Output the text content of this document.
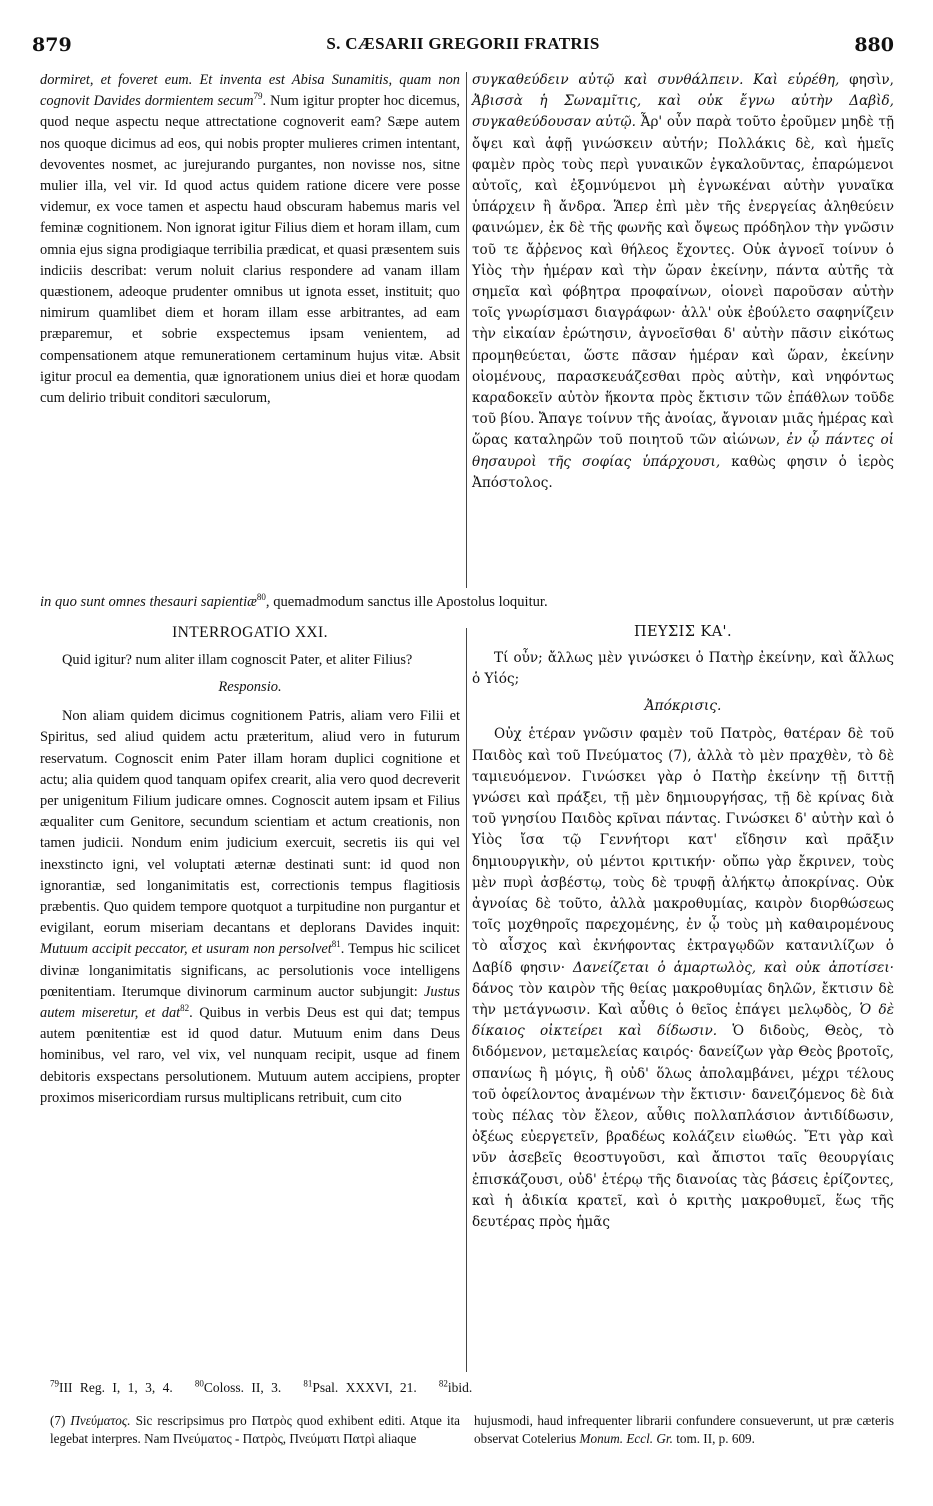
879	S. CÆSARII GREGORII FRATRIS	880

dormiret, et foveret eum. Et inventa est Abisa Sunamitis, quam non cognovit Davides dormientem secum$^{79}$. Num igitur propter hoc dicemus, quod neque aspectu neque attrectatione cognoverit eam? Sæpe autem nos quoque dicimus ad eos, qui nobis propter mulieres crimen intentant, devoventes nosmet, ac jurejurando purgantes, non novisse nos, sitne mulier illa, vel vir. Id quod actus quidem ratione dicere vere posse videmur, ex voce tamen et aspectu haud obscuram habemus maris vel feminæ cognitionem. Non ignorat igitur Filius diem et horam illam, cum omnia ejus signa prodigiaque terribilia prædicat, et quasi præsentem suis indiciis describat: verum noluit clarius respondere ad vanam illam quæstionem, adeoque prudenter omnibus ut ignota esset, instituit; quo nimirum quamlibet diem et horam illam esse arbitrantes, ad eam præparemur, et sobrie exspectemus ipsam venientem, ad compensationem atque remunerationem certaminum hujus vitæ. Absit igitur procul ea dementia, quæ ignorationem unius diei et horæ quodam cum delirio tribuit conditori sæculorum,

συγκαθεύδειν αὐτῷ καὶ συνθάλπειν. Καὶ εὑρέθη, φησὶν, Ἀβισσὰ ἡ Σωναμῖτις, καὶ οὐκ ἔγνω αὐτὴν Δαβὶδ, συγκαθεύδουσαν αὐτῷ. Ἆρ' οὖν παρὰ τοῦτο ἐροῦμεν μηδὲ τῇ ὄψει καὶ ἁφῇ γινώσκειν αὐτήν; Πολλάκις δὲ, καὶ ἡμεῖς φαμὲν πρὸς τοὺς περὶ γυναικῶν ἐγκαλοῦντας, ἐπαρώμενοι αὐτοῖς, καὶ ἐξομνύμενοι μὴ ἐγνωκέναι αὐτὴν γυναῖκα ὑπάρχειν ἢ ἄνδρα. Ἅπερ ἐπὶ μὲν τῆς ἐνεργείας ἀληθεύειν φαινώμεν, ἐκ δὲ τῆς φωνῆς καὶ ὄψεως πρόδηλον τὴν γνῶσιν τοῦ τε ἄῤῥενος καὶ θήλεος ἔχοντες. Οὐκ ἀγνοεῖ τοίνυν ὁ Υἱὸς τὴν ἡμέραν καὶ τὴν ὥραν ἐκείνην, πάντα αὐτῆς τὰ σημεῖα καὶ φόβητρα προφαίνων, οἱονεὶ παροῦσαν αὐτὴν τοῖς γνωρίσμασι διαγράφων· ἀλλ' οὐκ ἐβούλετο σαφηνίζειν τὴν εἰκαίαν ἐρώτησιν, ἀγνοεῖσθαι δ' αὐτὴν πᾶσιν εἰκότως προμηθεύεται, ὥστε πᾶσαν ἡμέραν καὶ ὥραν, ἐκείνην οἰομένους, παρασκευάζεσθαι πρὸς αὐτὴν, καὶ νηφόντως καραδοκεῖν αὐτὸν ἥκοντα πρὸς ἔκτισιν τῶν ἐπάθλων τοῦδε τοῦ βίου. Ἄπαγε τοίνυν τῆς ἀνοίας, ἄγνοιαν μιᾶς ἡμέρας καὶ ὥρας καταληρῶν τοῦ ποιητοῦ τῶν αἰώνων, ἐν ᾧ πάντες οἱ θησαυροὶ τῆς σοφίας ὑπάρχουσι, καθὼς φησιν ὁ ἱερὸς Ἀπόστολος.

in quo sunt omnes thesauri sapientiæ$^{80}$, quemadmodum sanctus ille Apostolus loquitur.

INTERROGATIO XXI.

Quid igitur? num aliter illam cognoscit Pater, et aliter Filius?

Responsio.

Non aliam quidem dicimus cognitionem Patris, aliam vero Filii et Spiritus, sed aliud quidem actu præteritum, aliud vero in futurum reservatum. Cognoscit enim Pater illam horam duplici cognitione et actu; alia quidem quod tanquam opifex crearit, alia vero quod decreverit per unigenitum Filium judicare omnes. Cognoscit autem ipsam et Filius æqualiter cum Genitore, secundum scientiam et actum creationis, non tamen judicii. Nondum enim judicium exercuit, secretis iis qui vel inexstincto igni, vel voluptati æternæ destinati sunt: id quod non ignorantiæ, sed longanimitatis est, correctionis tempus flagitiosis præbentis. Quo quidem tempore quotquot a turpitudine non purgantur et evigilant, eorum miseriam decantans et deplorans Davides inquit: Mutuum accipit peccator, et usuram non persolvet$^{81}$. Tempus hic scilicet divinæ longanimitatis significans, ac persolutionis voce intelligens pœnitentiam. Iterumque divinorum carminum auctor subjungit: Justus autem miseretur, et dat$^{82}$. Quibus in verbis Deus est qui dat; tempus autem pœnitentiæ est id quod datur. Mutuum enim dans Deus hominibus, vel raro, vel vix, vel nunquam recipit, usque ad finem debitoris exspectans persolutionem. Mutuum autem accipiens, propter proximos misericordiam rursus multiplicans retribuit, cum cito

ΠΕΥΣΙΣ ΚΑ'.

Τί οὖν; ἄλλως μὲν γινώσκει ὁ Πατὴρ ἐκείνην, καὶ ἄλλως ὁ Υἱός;

Ἀπόκρισις.

Οὐχ ἑτέραν γνῶσιν φαμὲν τοῦ Πατρὸς, θατέραν δὲ τοῦ Παιδὸς καὶ τοῦ Πνεύματος (7), ἀλλὰ τὸ μὲν πραχθὲν, τὸ δὲ ταμιευόμενον. Γινώσκει γὰρ ὁ Πατὴρ ἐκείνην τῇ διττῇ γνώσει καὶ πράξει, τῇ μὲν δημιουργήσας, τῇ δὲ κρίνας διὰ τοῦ γνησίου Παιδὸς κρῖναι πάντας. Γινώσκει δ' αὐτὴν καὶ ὁ Υἱὸς ἴσα τῷ Γεννήτορι κατ' εἴδησιν καὶ πρᾶξιν δημιουργικὴν, οὐ μέντοι κριτικήν· οὔπω γὰρ ἔκρινεν, τοὺς μὲν πυρὶ ἀσβέστῳ, τοὺς δὲ τρυφῇ ἀλήκτῳ ἀποκρίνας. Οὐκ ἀγνοίας δὲ τοῦτο, ἀλλὰ μακροθυμίας, καιρὸν διορθώσεως τοῖς μοχθηροῖς παρεχομένης, ἐν ᾧ τοὺς μὴ καθαιρομένους τὸ αἶσχος καὶ ἐκνήφοντας ἐκτραγῳδῶν κατανιλίζων ὁ Δαβίδ φησιν· Δανείζεται ὁ ἁμαρτωλὸς, καὶ οὐκ ἀποτίσει· δάνος τὸν καιρὸν τῆς θείας μακροθυμίας δηλῶν, ἔκτισιν δὲ τὴν μετάγνωσιν. Καὶ αὖθις ὁ θεῖος ἐπάγει μελῳδὸς, Ὁ δὲ δίκαιος οἰκτείρει καὶ δίδωσιν. Ὁ διδοὺς, Θεὸς, τὸ διδόμενον, μεταμελείας καιρός· δανείζων γὰρ Θεὸς βροτοῖς, σπανίως ἢ μόγις, ἢ οὐδ' ὅλως ἀπολαμβάνει, μέχρι τέλους τοῦ ὀφείλοντος ἀναμένων τὴν ἔκτισιν· δανειζόμενος δὲ διὰ τοὺς πέλας τὸν ἔλεον, αὖθις πολλαπλάσιον ἀντιδίδωσιν, ὀξέως εὐεργετεῖν, βραδέως κολάζειν εἰωθώς. Ἔτι γὰρ καὶ νῦν ἀσεβεῖς θεοστυγοῦσι, καὶ ἄπιστοι ταῖς θεουργίαις ἐπισκάζουσι, οὐδ' ἑτέρῳ τῆς διανοίας τὰς βάσεις ἐρίζοντες, καὶ ἡ ἀδικία κρατεῖ, καὶ ὁ κριτὴς μακροθυμεῖ, ἕως τῆς δευτέρας πρὸς ἡμᾶς

$^{79}$III Reg. I, 1, 3, 4. $^{80}$Coloss. II, 3. $^{81}$Psal. XXXVI, 21. $^{82}$ibid.
(7) Πνεύματος. Sic rescripsimus pro Πατρὸς quod exhibent editi. Atque ita legebat interpres. Nam Πνεύματος - Πατρὸς, Πνεύματι Πατρὶ aliaque
hujusmodi, haud infrequenter librarii confundere consueverunt, ut præ cæteris observat Cotelerius Monum. Eccl. Gr. tom. II, p. 609.
